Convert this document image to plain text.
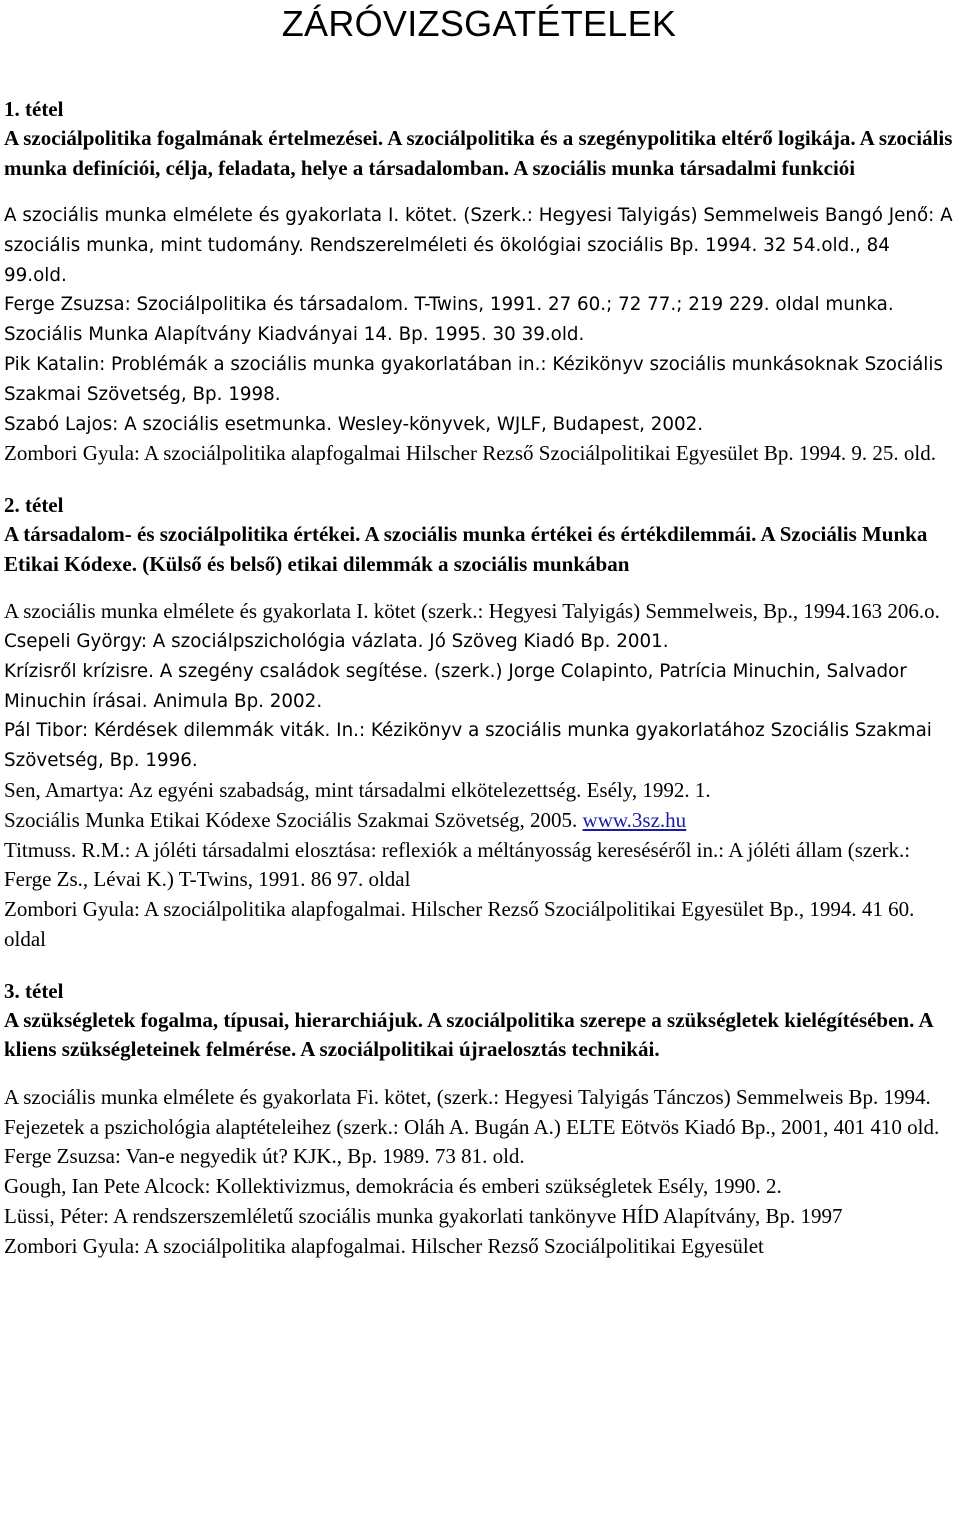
ZÁRÓVIZSGATÉTELEK

1. tétel

A szociálpolitika fogalmának értelmezései. A szociálpolitika és a szegénypolitika eltérő logikája. A szociális munka definíciói, célja, feladata, helye a társadalomban. A szociális munka társadalmi funkciói

A szociális munka elmélete és gyakorlata I. kötet. (Szerk.: Hegyesi Talyigás) Semmelweis Bangó Jenő: A szociális munka, mint tudomány. Rendszerelméleti és ökológiai szociális Bp. 1994. 32 54.old., 84 99.old.

Ferge Zsuzsa: Szociálpolitika és társadalom. T-Twins, 1991. 27 60.; 72 77.; 219 229. oldal munka. Szociális Munka Alapítvány Kiadványai 14. Bp. 1995. 30 39.old.

Pik Katalin: Problémák a szociális munka gyakorlatában in.: Kézikönyv szociális munkásoknak Szociális Szakmai Szövetség, Bp. 1998.

Szabó Lajos: A szociális esetmunka. Wesley-könyvek, WJLF, Budapest, 2002.

Zombori Gyula: A szociálpolitika alapfogalmai Hilscher Rezső Szociálpolitikai Egyesület Bp. 1994. 9. 25. old.

2. tétel

A társadalom- és szociálpolitika értékei. A szociális munka értékei és értékdilemmái. A Szociális Munka Etikai Kódexe. (Külső és belső) etikai dilemmák a szociális munkában

A szociális munka elmélete és gyakorlata I. kötet (szerk.: Hegyesi Talyigás) Semmelweis, Bp., 1994.163 206.o.

Csepeli György: A szociálpszichológia vázlata. Jó Szöveg Kiadó Bp. 2001.

Krízisről krízisre. A szegény családok segítése. (szerk.) Jorge Colapinto, Patrícia Minuchin, Salvador Minuchin írásai. Animula Bp. 2002.

Pál Tibor: Kérdések dilemmák viták. In.: Kézikönyv a szociális munka gyakorlatához Szociális Szakmai Szövetség, Bp. 1996.

Sen, Amartya: Az egyéni szabadság, mint társadalmi elkötelezettség. Esély, 1992. 1.

Szociális Munka Etikai Kódexe Szociális Szakmai Szövetség, 2005. www.3sz.hu

Titmuss. R.M.: A jóléti társadalmi elosztása: reflexiók a méltányosság kereséséről in.: A jóléti állam (szerk.: Ferge Zs., Lévai K.) T-Twins, 1991. 86 97. oldal

Zombori Gyula: A szociálpolitika alapfogalmai. Hilscher Rezső Szociálpolitikai Egyesület Bp., 1994. 41 60. oldal

3. tétel

A szükségletek fogalma, típusai, hierarchiájuk. A szociálpolitika szerepe a szükségletek kielégítésében. A kliens szükségleteinek felmérése. A szociálpolitikai újraelosztás technikái.

A szociális munka elmélete és gyakorlata Fi. kötet, (szerk.: Hegyesi Talyigás Tánczos) Semmelweis Bp. 1994.

Fejezetek a pszichológia alaptételeihez (szerk.: Oláh A. Bugán A.) ELTE Eötvös Kiadó Bp., 2001, 401 410 old.

Ferge Zsuzsa: Van-e negyedik út? KJK., Bp. 1989. 73 81. old.

Gough, Ian Pete Alcock: Kollektivizmus, demokrácia és emberi szükségletek Esély, 1990. 2.

Lüssi, Péter: A rendszerszemléletű szociális munka gyakorlati tankönyve HÍD Alapítvány, Bp. 1997

Zombori Gyula: A szociálpolitika alapfogalmai. Hilscher Rezső Szociálpolitikai Egyesület
